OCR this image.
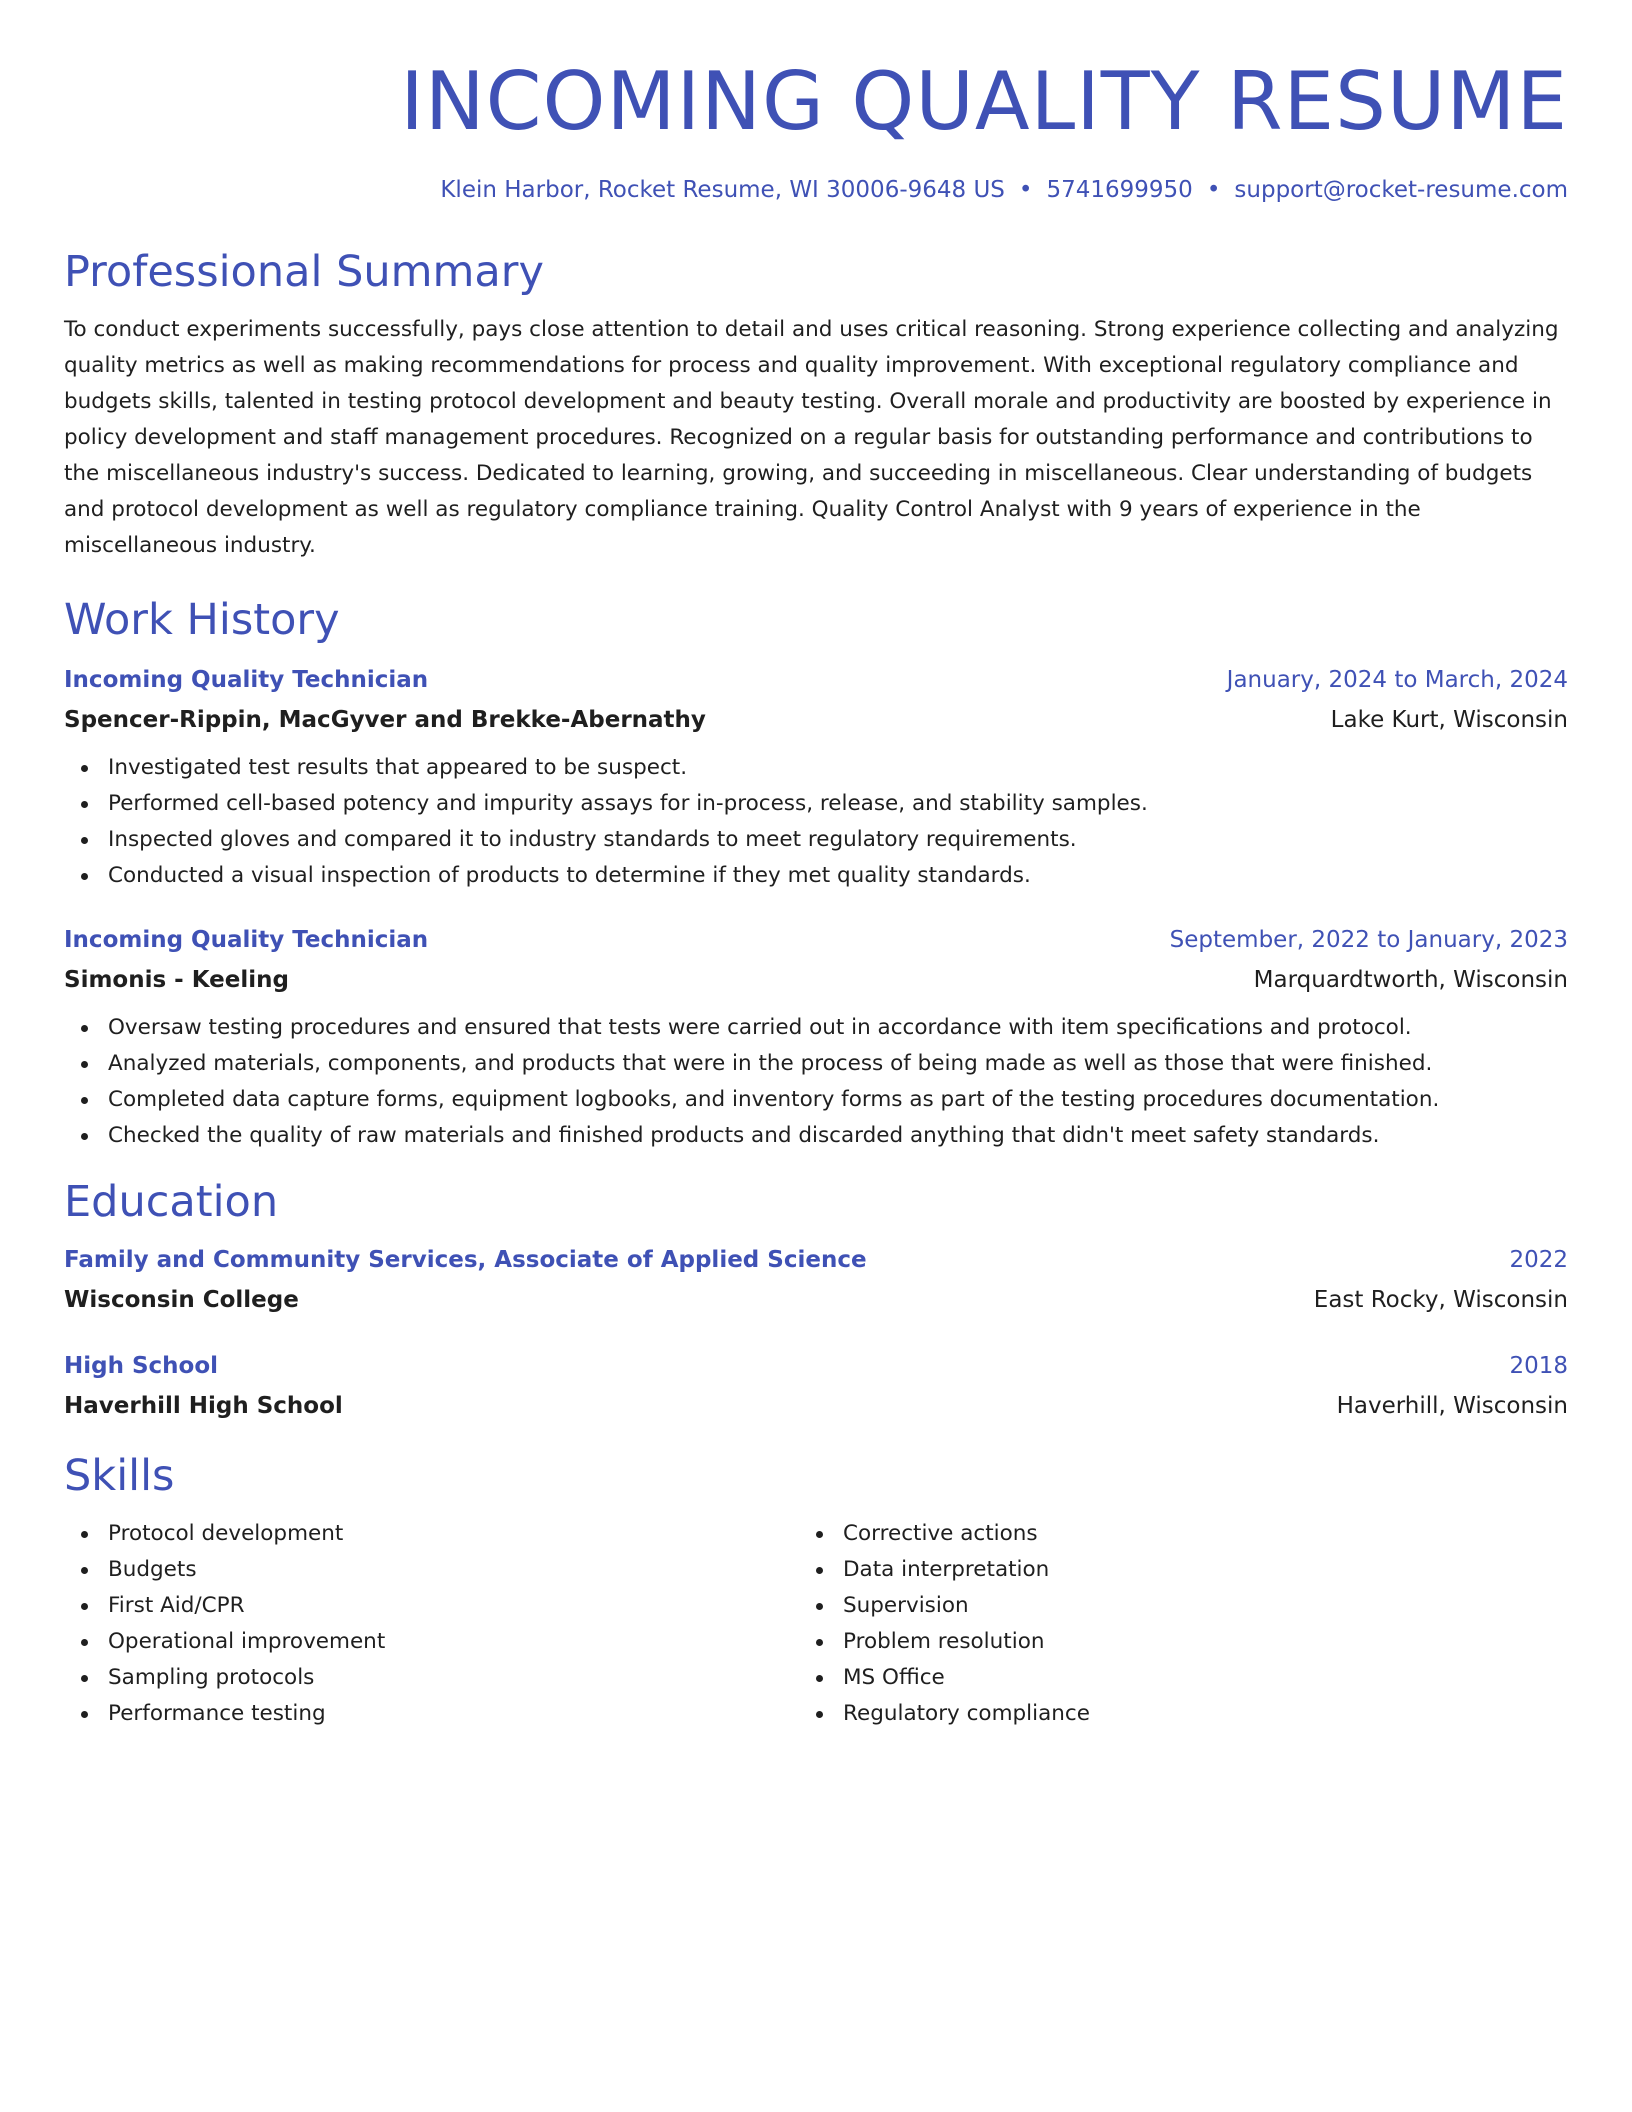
INCOMING QUALITY RESUME
Klein Harbor, Rocket Resume, WI 30006-9648 US • 5741699950 • support@rocket-resume.com
Professional Summary
To conduct experiments successfully, pays close attention to detail and uses critical reasoning. Strong experience collecting and analyzing quality metrics as well as making recommendations for process and quality improvement. With exceptional regulatory compliance and budgets skills, talented in testing protocol development and beauty testing. Overall morale and productivity are boosted by experience in policy development and staff management procedures. Recognized on a regular basis for outstanding performance and contributions to the miscellaneous industry's success. Dedicated to learning, growing, and succeeding in miscellaneous. Clear understanding of budgets and protocol development as well as regulatory compliance training. Quality Control Analyst with 9 years of experience in the miscellaneous industry.
Work History
Incoming Quality Technician	January, 2024 to March, 2024
Spencer-Rippin, MacGyver and Brekke-Abernathy	Lake Kurt, Wisconsin
Investigated test results that appeared to be suspect.
Performed cell-based potency and impurity assays for in-process, release, and stability samples.
Inspected gloves and compared it to industry standards to meet regulatory requirements.
Conducted a visual inspection of products to determine if they met quality standards.
Incoming Quality Technician	September, 2022 to January, 2023
Simonis - Keeling	Marquardtworth, Wisconsin
Oversaw testing procedures and ensured that tests were carried out in accordance with item specifications and protocol.
Analyzed materials, components, and products that were in the process of being made as well as those that were finished.
Completed data capture forms, equipment logbooks, and inventory forms as part of the testing procedures documentation.
Checked the quality of raw materials and finished products and discarded anything that didn't meet safety standards.
Education
Family and Community Services, Associate of Applied Science	2022
Wisconsin College	East Rocky, Wisconsin
High School	2018
Haverhill High School	Haverhill, Wisconsin
Skills
Protocol development
Budgets
First Aid/CPR
Operational improvement
Sampling protocols
Performance testing
Corrective actions
Data interpretation
Supervision
Problem resolution
MS Office
Regulatory compliance
